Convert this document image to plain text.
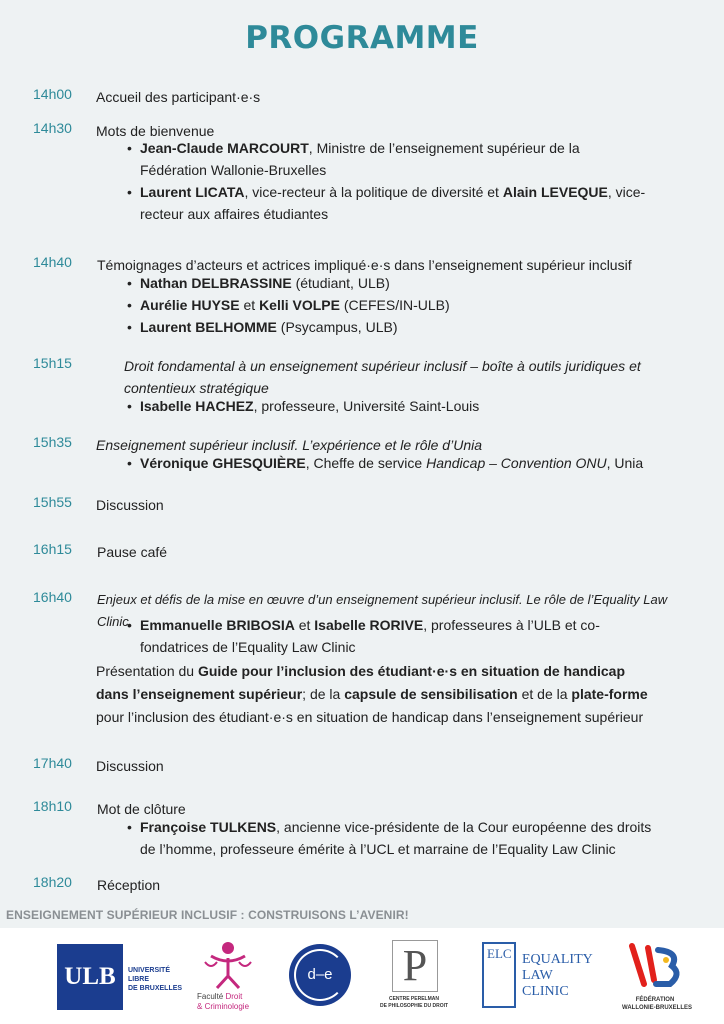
PROGRAMME
14h00 Accueil des participant·e·s
14h30 Mots de bienvenue
• Jean-Claude MARCOURT, Ministre de l’enseignement supérieur de la Fédération Wallonie-Bruxelles
• Laurent LICATA, vice-recteur à la politique de diversité et Alain LEVEQUE, vice-recteur aux affaires étudiantes
14h40 Témoignages d’acteurs et actrices impliqué·e·s dans l’enseignement supérieur inclusif
• Nathan DELBRASSINE (étudiant, ULB)
• Aurélie HUYSE et Kelli VOLPE (CEFES/IN-ULB)
• Laurent BELHOMME (Psycampus, ULB)
15h15	Droit fondamental à un enseignement supérieur inclusif – boîte à outils juridiques et contentieux stratégique
• Isabelle HACHEZ, professeure, Université Saint-Louis
15h35 Enseignement supérieur inclusif. L’expérience et le rôle d’Unia
• Véronique GHESQUIÈRE, Cheffe de service Handicap – Convention ONU, Unia
15h55 Discussion
16h15 Pause café
16h40 Enjeux et défis de la mise en œuvre d’un enseignement supérieur inclusif. Le rôle de l’Equality Law Clinic
• Emmanuelle BRIBOSIA et Isabelle RORIVE, professeures à l’ULB et co- fondatrices de l’Equality Law Clinic
Présentation du Guide pour l’inclusion des étudiant·e·s en situation de handicap dans l’enseignement supérieur; de la capsule de sensibilisation et de la plate-forme pour l’inclusion des étudiant·e·s en situation de handicap dans l’enseignement supérieur
17h40 Discussion
18h10 Mot de clôture
• Françoise TULKENS, ancienne vice-présidente de la Cour européenne des droits de l’homme, professeure émérite à l’UCL et marraine de l’Equality Law Clinic
18h20 Réception
ENSEIGNEMENT SUPÉRIEUR INCLUSIF : CONSTRUISONS L’AVENIR!
ULB	UNIVERSITÉ
LIBRE
DE BRUXELLES
Faculté Droit
& Criminologie
d–e	P
CENTRE PERELMAN
DE PHILOSOPHIE DU DROIT
ELC EQUALITY
LAW
CLINIC
FÉDÉRATION
WALLONIE-BRUXELLES
